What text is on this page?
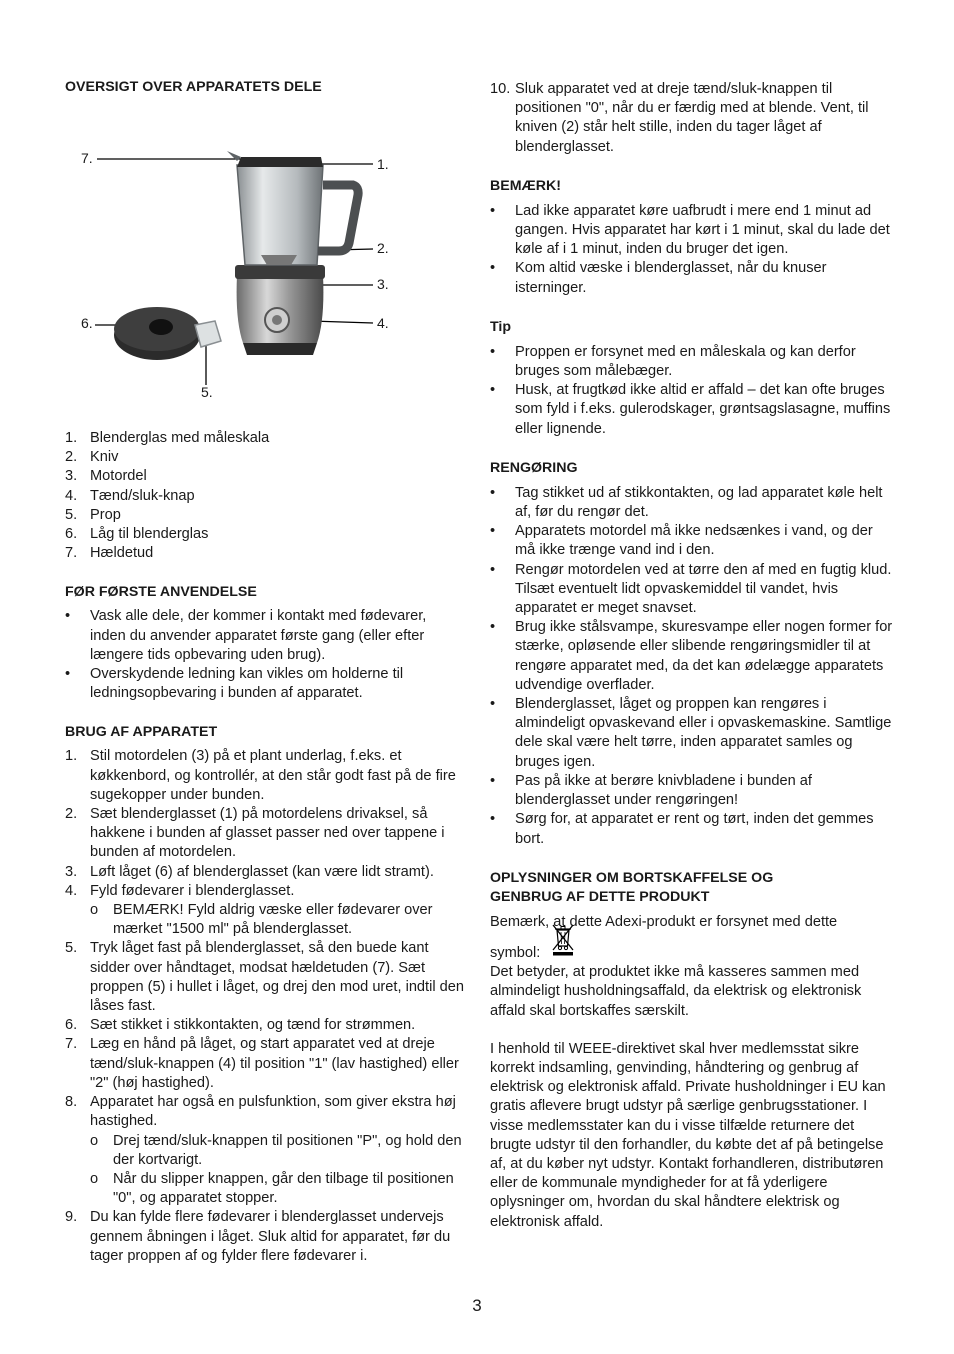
OVERSIGT OVER APPARATETS DELE
7.	1.
2.
3.
4.
6.
5.
1. Blenderglas med måleskala
2. Kniv
3. Motordel
4. Tænd/sluk-knap
5. Prop
6. Låg til blenderglas
7. Hældetud
FØR FØRSTE ANVENDELSE
• Vask alle dele, der kommer i kontakt med fødevarer, inden du anvender apparatet første gang (eller efter længere tids opbevaring uden brug).
• Overskydende ledning kan vikles om holderne til ledningsopbevaring i bunden af apparatet.
BRUG AF APPARATET
1. Stil motordelen (3) på et plant underlag, f.eks. et køkkenbord, og kontrollér, at den står godt fast på de fire sugekopper under bunden.
2. Sæt blenderglasset (1) på motordelens drivaksel, så hakkene i bunden af glasset passer ned over tappene i bunden af motordelen.
3. Løft låget (6) af blenderglasset (kan være lidt stramt).
4. Fyld fødevarer i blenderglasset.
o BEMÆRK! Fyld aldrig væske eller fødevarer over mærket "1500 ml" på blenderglasset.
5. Tryk låget fast på blenderglasset, så den buede kant sidder over håndtaget, modsat hældetuden (7). Sæt proppen (5) i hullet i låget, og drej den mod uret, indtil den låses fast.
6. Sæt stikket i stikkontakten, og tænd for strømmen.
7. Læg en hånd på låget, og start apparatet ved at dreje tænd/sluk-knappen (4) til position "1" (lav hastighed) eller "2" (høj hastighed).
8. Apparatet har også en pulsfunktion, som giver ekstra høj hastighed.
o Drej tænd/sluk-knappen til positionen "P", og hold den der kortvarigt.
o Når du slipper knappen, går den tilbage til positionen "0", og apparatet stopper.
9. Du kan fylde flere fødevarer i blenderglasset undervejs gennem åbningen i låget. Sluk altid for apparatet, før du tager proppen af og fylder flere fødevarer i.
10. Sluk apparatet ved at dreje tænd/sluk-knappen til positionen "0", når du er færdig med at blende. Vent, til kniven (2) står helt stille, inden du tager låget af blenderglasset.
BEMÆRK!
• Lad ikke apparatet køre uafbrudt i mere end 1 minut ad gangen. Hvis apparatet har kørt i 1 minut, skal du lade det køle af i 1 minut, inden du bruger det igen.
• Kom altid væske i blenderglasset, når du knuser isterninger.
Tip
• Proppen er forsynet med en måleskala og kan derfor bruges som målebæger.
• Husk, at frugtkød ikke altid er affald – det kan ofte bruges som fyld i f.eks. gulerodskager, grøntsagslasagne, muffins eller lignende.
RENGØRING
• Tag stikket ud af stikkontakten, og lad apparatet køle helt af, før du rengør det.
• Apparatets motordel må ikke nedsænkes i vand, og der må ikke trænge vand ind i den.
• Rengør motordelen ved at tørre den af med en fugtig klud. Tilsæt eventuelt lidt opvaskemiddel til vandet, hvis apparatet er meget snavset.
• Brug ikke stålsvampe, skuresvampe eller nogen former for stærke, opløsende eller slibende rengøringsmidler til at rengøre apparatet med, da det kan ødelægge apparatets udvendige overflader.
• Blenderglasset, låget og proppen kan rengøres i almindeligt opvaskevand eller i opvaskemaskine. Samtlige dele skal være helt tørre, inden apparatet samles og bruges igen.
• Pas på ikke at berøre knivbladene i bunden af blenderglasset under rengøringen!
• Sørg for, at apparatet er rent og tørt, inden det gemmes bort.
OPLYSNINGER OM BORTSKAFFELSE OG
GENBRUG AF DETTE PRODUKT

Bemærk, at dette Adexi-produkt er forsynet med dette

symbol:

Det betyder, at produktet ikke må kasseres sammen med almindeligt husholdningsaffald, da elektrisk og elektronisk affald skal bortskaffes særskilt.

I henhold til WEEE-direktivet skal hver medlemsstat sikre korrekt indsamling, genvinding, håndtering og genbrug af elektrisk og elektronisk affald. Private husholdninger i EU kan gratis aflevere brugt udstyr på særlige genbrugsstationer. I visse medlemsstater kan du i visse tilfælde returnere det brugte udstyr til den forhandler, du købte det af på betingelse af, at du køber nyt udstyr. Kontakt forhandleren, distributøren eller de kommunale myndigheder for at få yderligere oplysninger om, hvordan du skal håndtere elektrisk og elektronisk affald.

3
